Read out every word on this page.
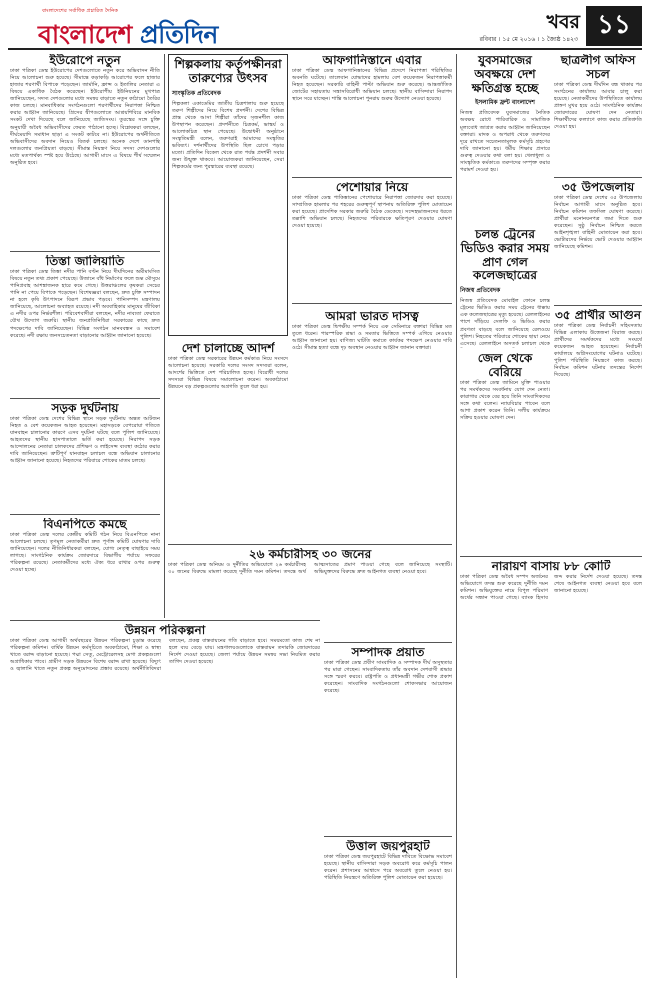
বাংলাদেশের সর্বাধিক প্রচারিত দৈনিক
বাংলাদেশ প্রতিদিন	খবর
রবিবার । ১৫ মে ২০১৬ । ১ জ্যৈষ্ঠ ১৪২৩ ১১
ইউরোপে নতুন
ঢাকা পত্রিকা ডেস্ক ইউরোপের দেশগুলোতে নতুন করে অভিবাসন নীতি নিয়ে আলোচনা শুরু হয়েছে। সীমান্তে কড়াকড়ি আরোপের ফলে হাজার হাজার শরণার্থী বিপাকে পড়েছেন। জার্মানি, ফ্রান্স ও ইতালির নেতারা এ বিষয়ে একাধিক বৈঠক করেছেন। ইউরোপীয় ইউনিয়নের মুখপাত্র জানিয়েছেন, সদস্য দেশগুলোর মধ্যে সমন্বয় বাড়াতে নতুন কাঠামো তৈরির কাজ চলছে। মানবাধিকার সংগঠনগুলো শরণার্থীদের নিরাপত্তা নিশ্চিত করার আহ্বান জানিয়েছে। গ্রিসের দ্বীপগুলোতে আশ্রয়শিবিরে মানবিক সংকট দেখা দিয়েছে বলে জানিয়েছে জাতিসংঘ। তুরস্কের সঙ্গে চুক্তি অনুযায়ী অবৈধ অভিবাসীদের ফেরত পাঠানো হচ্ছে। বিশ্লেষকরা বলছেন, দীর্ঘমেয়াদি সমাধান ছাড়া এ সংকট কাটবে না। ইউরোপের অর্থনীতিতে অভিবাসীদের অবদান নিয়েও বিতর্ক চলছে। অনেক দেশে ডানপন্থি দলগুলোর জনপ্রিয়তা বাড়ছে। সীমান্ত নিয়ন্ত্রণ নিয়ে সদস্য দেশগুলোর মধ্যে মতপার্থক্য স্পষ্ট হয়ে উঠেছে। আগামী মাসে এ বিষয়ে শীর্ষ সম্মেলন অনুষ্ঠিত হবে।
তিস্তা জালিয়াতি
ঢাকা পত্রিকা ডেস্ক তিস্তা নদীর পানি বণ্টন নিয়ে দীর্ঘদিনের অমীমাংসিত বিষয়ে নতুন তথ্য প্রকাশ পেয়েছে। উজানে বাঁধ নির্মাণের ফলে শুষ্ক মৌসুমে পানিপ্রবাহ আশঙ্কাজনক হারে কমে গেছে। উত্তরাঞ্চলের কৃষকরা সেচের পানি না পেয়ে বিপাকে পড়েছেন। বিশেষজ্ঞরা বলছেন, দ্রুত চুক্তি সম্পাদন না হলে কৃষি উৎপাদনে বিরূপ প্রভাব পড়বে। পানিসম্পদ মন্ত্রণালয় জানিয়েছে, আলোচনা অব্যাহত রয়েছে। নদী অববাহিকার মানুষের জীবিকা এ নদীর ওপর নির্ভরশীল। পরিবেশবাদীরা বলছেন, নদীর নাব্যতা ফেরাতে যৌথ উদ্যোগ জরুরি। স্থানীয় জনপ্রতিনিধিরা সরকারের কাছে দ্রুত পদক্ষেপের দাবি জানিয়েছেন। বিভিন্ন সংগঠন মানববন্ধন ও সমাবেশ করেছে। নদী রক্ষায় জনসচেতনতা বাড়ানোর আহ্বান জানানো হয়েছে।
সড়ক দুর্ঘটনায়
ঢাকা পত্রিকা ডেস্ক দেশের বিভিন্ন স্থানে সড়ক দুর্ঘটনায় অন্তত আটজন নিহত ও বেশ কয়েকজন আহত হয়েছেন। মহাসড়কে বেপরোয়া গতিতে যানবাহন চালানোর কারণে এসব দুর্ঘটনা ঘটছে বলে পুলিশ জানিয়েছে। আহতদের স্থানীয় হাসপাতালে ভর্তি করা হয়েছে। নিরাপদ সড়ক আন্দোলনের নেতারা চালকদের প্রশিক্ষণ ও লাইসেন্স ব্যবস্থা কঠোর করার দাবি জানিয়েছেন। ত্রুটিপূর্ণ যানবাহন চলাচল বন্ধে অভিযান চালানোর আহ্বান জানানো হয়েছে। নিহতদের পরিবারে শোকের মাতম চলছে।
বিএনপিতে কমছে
ঢাকা পত্রিকা ডেস্ক দলের কেন্দ্রীয় কমিটি গঠন নিয়ে বিএনপিতে নানা আলোচনা চলছে। তৃণমূল নেতাকর্মীরা দ্রুত পূর্ণাঙ্গ কমিটি ঘোষণার দাবি জানিয়েছেন। দলের নীতিনির্ধারকরা বলছেন, যোগ্য নেতৃত্ব বাছাইয়ে সময় লাগছে। সাংগঠনিক কার্যক্রম জোরদারে বিভাগীয় পর্যায়ে সফরের পরিকল্পনা রয়েছে। নেতাকর্মীদের মধ্যে ঐক্য ধরে রাখার ওপর গুরুত্ব দেওয়া হচ্ছে।
উন্নয়ন পরিকল্পনা
ঢাকা পত্রিকা ডেস্ক আগামী অর্থবছরের উন্নয়ন পরিকল্পনা চূড়ান্ত করেছে পরিকল্পনা কমিশন। বার্ষিক উন্নয়ন কর্মসূচিতে অবকাঠামো, শিক্ষা ও স্বাস্থ্য খাতে বরাদ্দ বাড়ানো হয়েছে। পদ্মা সেতু, মেট্রোরেলসহ মেগা প্রকল্পগুলো অগ্রাধিকার পাবে। গ্রামীণ সড়ক উন্নয়নে বিশেষ বরাদ্দ রাখা হয়েছে। বিদ্যুৎ ও জ্বালানি খাতে নতুন প্রকল্প অনুমোদনের প্রস্তাব রয়েছে। অর্থনীতিবিদরা বলছেন, প্রকল্প বাস্তবায়নের গতি বাড়াতে হবে। সময়মতো কাজ শেষ না হলে ব্যয় বেড়ে যায়। মন্ত্রণালয়গুলোকে বাস্তবায়ন তদারকি জোরদারের নির্দেশ দেওয়া হয়েছে। জেলা পর্যায়ে উন্নয়ন সমন্বয় সভা নিয়মিত করার তাগিদ দেওয়া হয়েছে।
শিল্পকলায় কর্তৃপক্ষীনরা তারুণ্যের উৎসব
সাংস্কৃতিক প্রতিবেদক
শিল্পকলা একাডেমির জাতীয় চিত্রশালায় শুরু হয়েছে তরুণ শিল্পীদের নিয়ে বিশেষ প্রদর্শনী। দেশের বিভিন্ন প্রান্ত থেকে আসা শিল্পীরা তাঁদের সৃজনশীল কাজ উপস্থাপন করেছেন। প্রদর্শনীতে চিত্রকর্ম, ভাস্কর্য ও আলোকচিত্র স্থান পেয়েছে। উদ্বোধনী অনুষ্ঠানে সংস্কৃতিমন্ত্রী বলেন, তরুণরাই আমাদের সংস্কৃতির ভবিষ্যৎ। দর্শনার্থীদের উপস্থিতি ছিল চোখে পড়ার মতো। প্রতিদিন বিকেল থেকে রাত পর্যন্ত প্রদর্শনী সবার জন্য উন্মুক্ত থাকবে। আয়োজকরা জানিয়েছেন, সেরা শিল্পকর্মের জন্য পুরস্কারের ব্যবস্থা রয়েছে।
দেশ চালাচ্ছে আদর্শ
ঢাকা পত্রিকা ডেস্ক সরকারের উন্নয়ন কর্মকাণ্ড নিয়ে সংসদে আলোচনা হয়েছে। সরকারি দলের সংসদ সদস্যরা বলেন, আদর্শের ভিত্তিতে দেশ পরিচালিত হচ্ছে। বিরোধী দলের সদস্যরা বিভিন্ন বিষয়ে সমালোচনা করেন। অবকাঠামো উন্নয়নে বড় প্রকল্পগুলোর অগ্রগতি তুলে ধরা হয়।
আফগানিস্তানে এবার
ঢাকা পত্রিকা ডেস্ক আফগানিস্তানের বিভিন্ন প্রদেশে নিরাপত্তা পরিস্থিতির অবনতি ঘটেছে। তালেবান যোদ্ধাদের হামলায় বেশ কয়েকজন নিরাপত্তাকর্মী নিহত হয়েছেন। সরকারি বাহিনী পাল্টা অভিযান শুরু করেছে। আন্তর্জাতিক জোটের সহায়তায় সন্ত্রাসবিরোধী অভিযান চলছে। স্থানীয় বাসিন্দারা নিরাপদ স্থানে সরে যাচ্ছেন। শান্তি আলোচনা পুনরায় শুরুর উদ্যোগ নেওয়া হয়েছে।
পেশোয়ার নিয়ে
ঢাকা পত্রিকা ডেস্ক পাকিস্তানের পেশোয়ারে নিরাপত্তা জোরদার করা হয়েছে। সাম্প্রতিক হামলার পর শহরের গুরুত্বপূর্ণ স্থাপনায় অতিরিক্ত পুলিশ মোতায়েন করা হয়েছে। প্রাদেশিক সরকার জরুরি বৈঠক ডেকেছে। সন্দেহভাজনদের ধরতে তল্লাশি অভিযান চলছে। নিহতদের পরিবারকে ক্ষতিপূরণ দেওয়ার ঘোষণা দেওয়া হয়েছে।
আমরা ভারত দাসত্ব
ঢাকা পত্রিকা ডেস্ক দ্বিপক্ষীয় সম্পর্ক নিয়ে এক সেমিনারে বক্তারা বিভিন্ন মত তুলে ধরেন। পারস্পরিক শ্রদ্ধা ও সমতার ভিত্তিতে সম্পর্ক এগিয়ে নেওয়ার আহ্বান জানানো হয়। বাণিজ্য ঘাটতি কমাতে কার্যকর পদক্ষেপ নেওয়ার দাবি ওঠে। সীমান্ত হত্যা বন্ধে দৃঢ় অবস্থান নেওয়ার আহ্বান জানান বক্তারা।
২৬ কর্মচারীসহ ৩০ জনের
ঢাকা পত্রিকা ডেস্ক অনিয়ম ও দুর্নীতির অভিযোগে ২৬ কর্মচারীসহ ৩০ জনের বিরুদ্ধে মামলা করেছে দুর্নীতি দমন কমিশন। তদন্তে অর্থ আত্মসাতের প্রমাণ পাওয়া গেছে বলে জানিয়েছে সংস্থাটি। অভিযুক্তদের বিরুদ্ধে দ্রুত আইনগত ব্যবস্থা নেওয়া হবে।
সম্পাদক প্রয়াত
ঢাকা পত্রিকা ডেস্ক প্রবীণ সাংবাদিক ও সম্পাদক দীর্ঘ অসুস্থতার পর মারা গেছেন। সাংবাদিকতায় তাঁর অবদান দেশবাসী শ্রদ্ধার সঙ্গে স্মরণ করবে। রাষ্ট্রপতি ও প্রধানমন্ত্রী গভীর শোক প্রকাশ করেছেন। সাংবাদিক সংগঠনগুলো শোকসভার আয়োজন করেছে।
উত্তাল জয়পুরহাট
ঢাকা পত্রিকা ডেস্ক জয়পুরহাটে বিভিন্ন দাবিতে বিক্ষোভ সমাবেশ হয়েছে। স্থানীয় বাসিন্দারা সড়ক অবরোধ করে কর্মসূচি পালন করেন। প্রশাসনের আশ্বাসে পরে অবরোধ তুলে নেওয়া হয়। পরিস্থিতি নিয়ন্ত্রণে অতিরিক্ত পুলিশ মোতায়েন করা হয়েছে।
যুবসমাজের অবক্ষয়ে দেশ ক্ষতিগ্রস্ত হচ্ছে
ইসলামিক ফ্রন্ট বাংলাদেশ
নিজস্ব প্রতিবেদক যুবসমাজের নৈতিক অবক্ষয় রোধে পারিবারিক ও সামাজিক মূল্যবোধ জাগ্রত করার আহ্বান জানিয়েছেন বক্তারা। মাদক ও অপরাধ থেকে তরুণদের দূরে রাখতে সচেতনতামূলক কর্মসূচি গ্রহণের দাবি জানানো হয়। ধর্মীয় শিক্ষার প্রসারে গুরুত্ব দেওয়ার কথা বলা হয়। খেলাধুলা ও সাংস্কৃতিক কর্মকাণ্ডে তরুণদের সম্পৃক্ত করার পরামর্শ দেওয়া হয়।
চলন্ত ট্রেনের ভিডিও করার সময় প্রাণ গেল কলেজছাত্রের
নিজস্ব প্রতিবেদক
নিজস্ব প্রতিবেদক মোবাইল ফোনে চলন্ত ট্রেনের ভিডিও করার সময় ট্রেনের ধাক্কায় এক কলেজছাত্রের মৃত্যু হয়েছে। রেললাইনের পাশে দাঁড়িয়ে সেলফি ও ভিডিও করার প্রবণতা বাড়ছে বলে জানিয়েছে রেলওয়ে পুলিশ। নিহতের পরিবারে শোকের ছায়া নেমে এসেছে। রেললাইনে অসতর্ক চলাচল থেকে
জেল থেকে বেরিয়ে
ঢাকা পত্রিকা ডেস্ক জামিনে মুক্তি পাওয়ার পর সমর্থকদের সংবর্ধনায় যোগ দেন নেতা। কারাগার থেকে বের হয়ে তিনি সাংবাদিকদের সঙ্গে কথা বলেন। ন্যায়বিচার পাবেন বলে আশা প্রকাশ করেন তিনি। দলীয় কার্যক্রমে সক্রিয় হওয়ার ঘোষণা দেন।
ছাত্রলীগ অফিস সচল
ঢাকা পত্রিকা ডেস্ক দীর্ঘদিন বন্ধ থাকার পর সংগঠনের কার্যালয় আবার চালু করা হয়েছে। নেতাকর্মীদের উপস্থিতিতে কার্যালয় প্রাঙ্গণ মুখর হয়ে ওঠে। সাংগঠনিক কার্যক্রম জোরদারের ঘোষণা দেন নেতারা। শিক্ষার্থীদের কল্যাণে কাজ করার প্রতিশ্রুতি দেওয়া হয়।
৩৫ উপজেলায়
ঢাকা পত্রিকা ডেস্ক দেশের ৩৫ উপজেলায় নির্বাচন আগামী মাসে অনুষ্ঠিত হবে। নির্বাচন কমিশন তফসিল ঘোষণা করেছে। প্রার্থীরা মনোনয়নপত্র জমা দিতে শুরু করেছেন। সুষ্ঠু নির্বাচন নিশ্চিত করতে আইনশৃঙ্খলা বাহিনী মোতায়েন করা হবে। ভোটারদের নির্ভয়ে ভোট দেওয়ার আহ্বান জানিয়েছে কমিশন।
৩৫ প্রার্থীর আগুন
ঢাকা পত্রিকা ডেস্ক নির্বাচনী সহিংসতায় বিভিন্ন এলাকায় উত্তেজনা বিরাজ করছে। প্রার্থীদের সমর্থকদের মধ্যে সংঘর্ষে কয়েকজন আহত হয়েছেন। নির্বাচনী কার্যালয়ে অগ্নিসংযোগের ঘটনাও ঘটেছে। পুলিশ পরিস্থিতি নিয়ন্ত্রণে কাজ করছে। নির্বাচন কমিশন ঘটনার তদন্তের নির্দেশ দিয়েছে।
নারায়ণ বাসায় ৮৮ কোটি
ঢাকা পত্রিকা ডেস্ক অবৈধ সম্পদ অর্জনের অভিযোগে তদন্ত শুরু করেছে দুর্নীতি দমন কমিশন। অভিযুক্তের নামে বিপুল পরিমাণ অর্থের সন্ধান পাওয়া গেছে। ব্যাংক হিসাব জব্দ করার নির্দেশ দেওয়া হয়েছে। তদন্ত শেষে আইনগত ব্যবস্থা নেওয়া হবে বলে জানানো হয়েছে।
